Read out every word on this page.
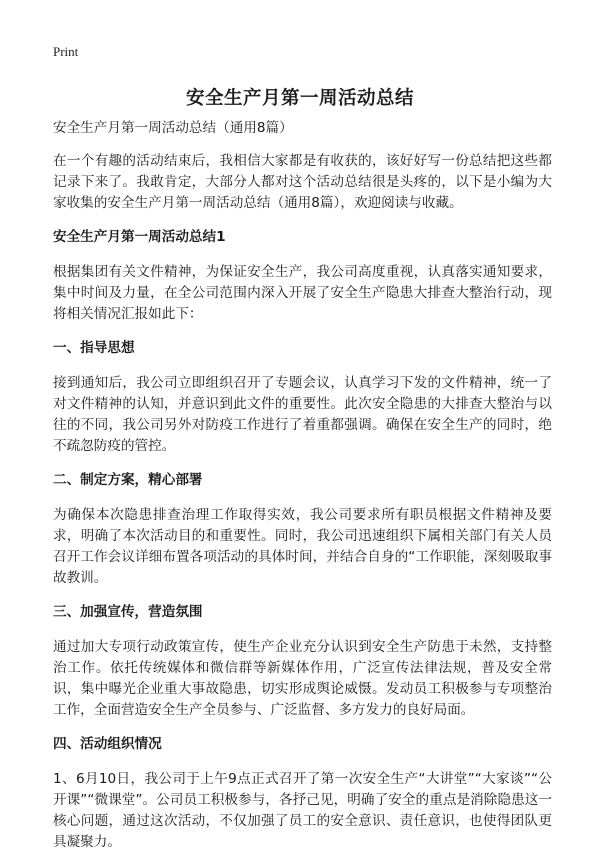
Print
安全生产月第一周活动总结

安全生产月第一周活动总结（通用8篇）

在一个有趣的活动结束后，我相信大家都是有收获的，该好好写一份总结把这些都记录下来了。我敢肯定，大部分人都对这个活动总结很是头疼的，以下是小编为大家收集的安全生产月第一周活动总结（通用8篇），欢迎阅读与收藏。

安全生产月第一周活动总结1

根据集团有关文件精神，为保证安全生产，我公司高度重视，认真落实通知要求，集中时间及力量，在全公司范围内深入开展了安全生产隐患大排查大整治行动，现将相关情况汇报如此下：

一、指导思想

接到通知后，我公司立即组织召开了专题会议，认真学习下发的文件精神，统一了对文件精神的认知，并意识到此文件的重要性。此次安全隐患的大排查大整治与以往的不同，我公司另外对防疫工作进行了着重都强调。确保在安全生产的同时，绝不疏忽防疫的管控。

二、制定方案，精心部署

为确保本次隐患排查治理工作取得实效，我公司要求所有职员根据文件精神及要求，明确了本次活动目的和重要性。同时，我公司迅速组织下属相关部门有关人员召开工作会议详细布置各项活动的具体时间，并结合自身的“工作职能，深刻吸取事故教训。

三、加强宣传，营造氛围

通过加大专项行动政策宣传，使生产企业充分认识到安全生产防患于未然，支持整治工作。依托传统媒体和微信群等新媒体作用，广泛宣传法律法规，普及安全常识，集中曝光企业重大事故隐患，切实形成舆论威慑。发动员工积极参与专项整治工作，全面营造安全生产全员参与、广泛监督、多方发力的良好局面。

四、活动组织情况

1、6月10日，我公司于上午9点正式召开了第一次安全生产“大讲堂”“大家谈”“公开课”“微课堂”。公司员工积极参与，各抒己见，明确了安全的重点是消除隐患这一核心问题，通过这次活动，不仅加强了员工的安全意识、责任意识，也使得团队更具凝聚力。
